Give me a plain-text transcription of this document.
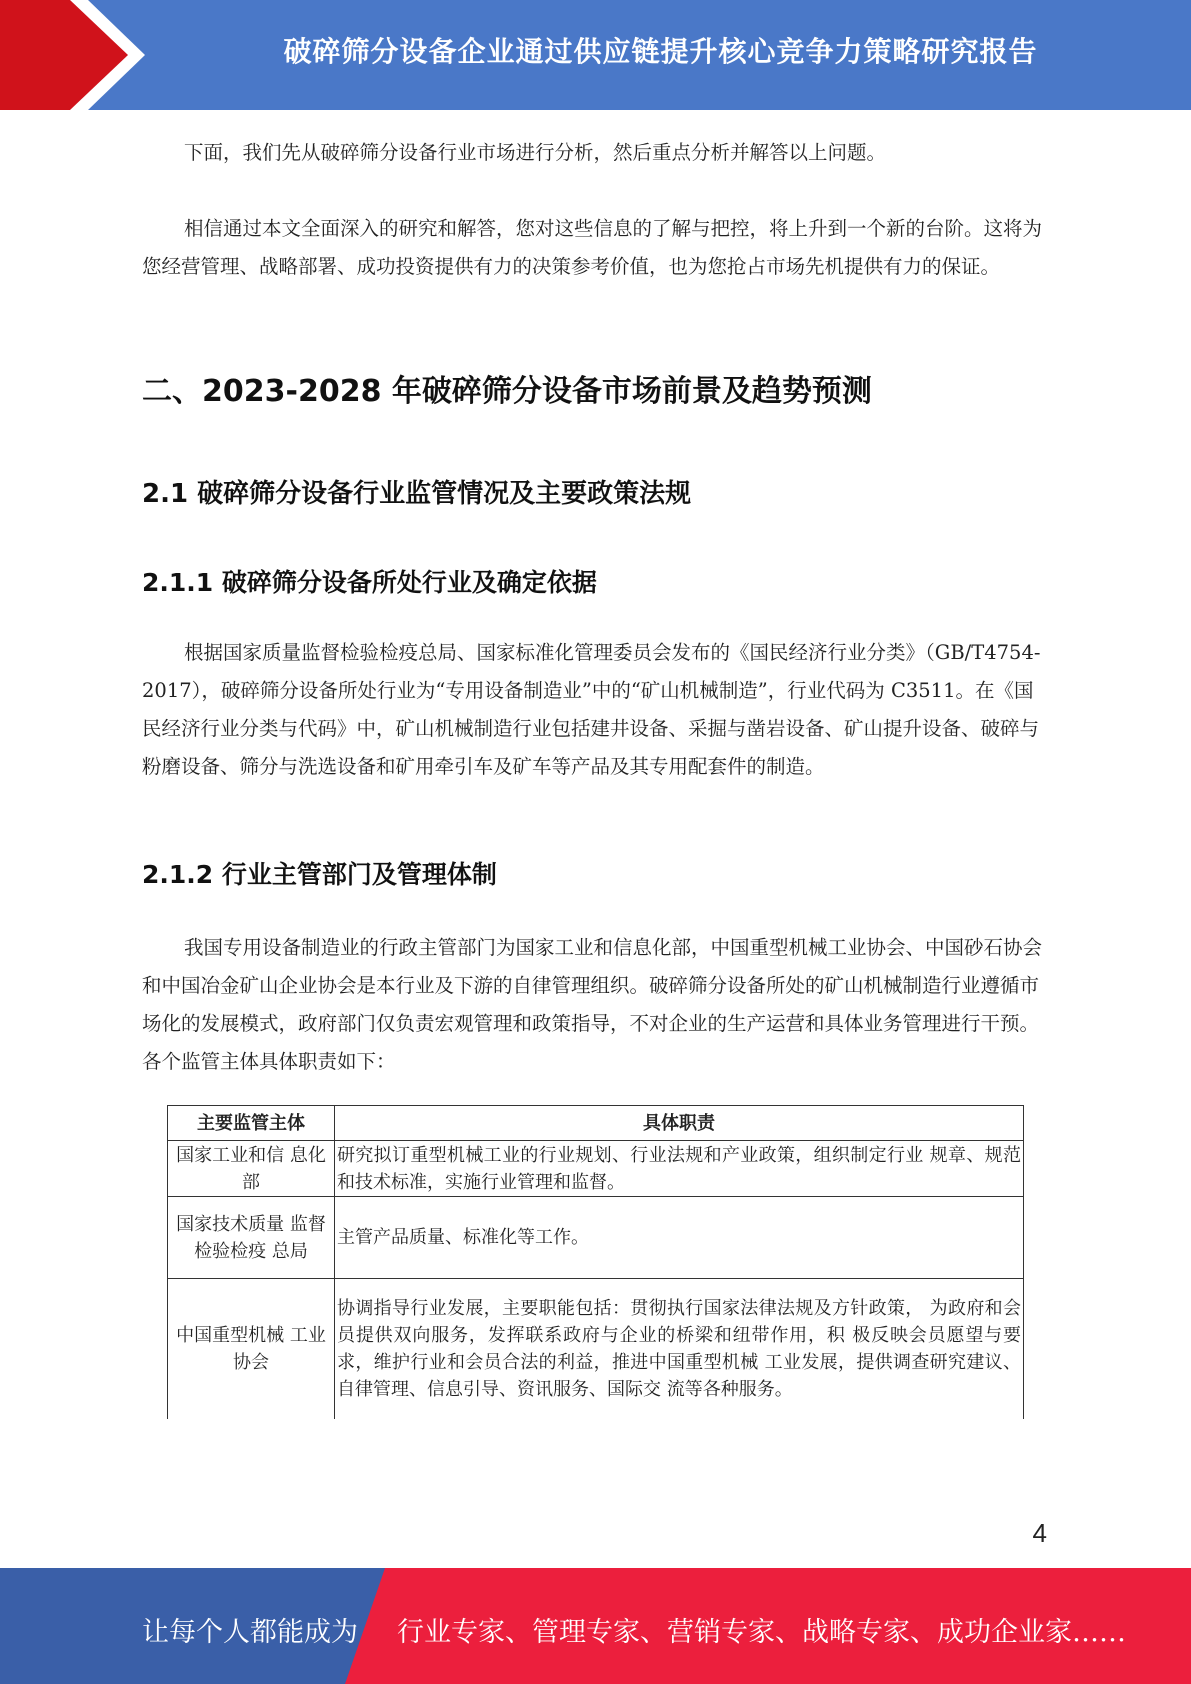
破碎筛分设备企业通过供应链提升核心竞争力策略研究报告

下面，我们先从破碎筛分设备行业市场进行分析，然后重点分析并解答以上问题。

相信通过本文全面深入的研究和解答，您对这些信息的了解与把控，将上升到一个新的台阶。这将为您经营管理、战略部署、成功投资提供有力的决策参考价值，也为您抢占市场先机提供有力的保证。

二、2023-2028 年破碎筛分设备市场前景及趋势预测
2.1 破碎筛分设备行业监管情况及主要政策法规
2.1.1 破碎筛分设备所处行业及确定依据

根据国家质量监督检验检疫总局、国家标准化管理委员会发布的《国民经济行业分类》（GB/T4754-2017），破碎筛分设备所处行业为“专用设备制造业”中的“矿山机械制造”，行业代码为 C3511。在《国民经济行业分类与代码》中，矿山机械制造行业包括建井设备、采掘与凿岩设备、矿山提升设备、破碎与粉磨设备、筛分与洗选设备和矿用牵引车及矿车等产品及其专用配套件的制造。

2.1.2 行业主管部门及管理体制

我国专用设备制造业的行政主管部门为国家工业和信息化部，中国重型机械工业协会、中国砂石协会和中国冶金矿山企业协会是本行业及下游的自律管理组织。破碎筛分设备所处的矿山机械制造行业遵循市场化的发展模式，政府部门仅负责宏观管理和政策指导，不对企业的生产运营和具体业务管理进行干预。各个监管主体具体职责如下：

主要监管主体	具体职责
国家工业和信 息化部	研究拟订重型机械工业的行业规划、行业法规和产业政策，组织制定行业 规章、规范和技术标准，实施行业管理和监督。
国家技术质量 监督检验检疫 总局	主管产品质量、标准化等工作。
中国重型机械 工业协会	协调指导行业发展，主要职能包括：贯彻执行国家法律法规及方针政策， 为政府和会员提供双向服务，发挥联系政府与企业的桥梁和纽带作用，积 极反映会员愿望与要求，维护行业和会员合法的利益，推进中国重型机械 工业发展，提供调查研究建议、自律管理、信息引导、资讯服务、国际交 流等各种服务。
4
让每个人都能成为 行业专家、管理专家、营销专家、战略专家、成功企业家……
